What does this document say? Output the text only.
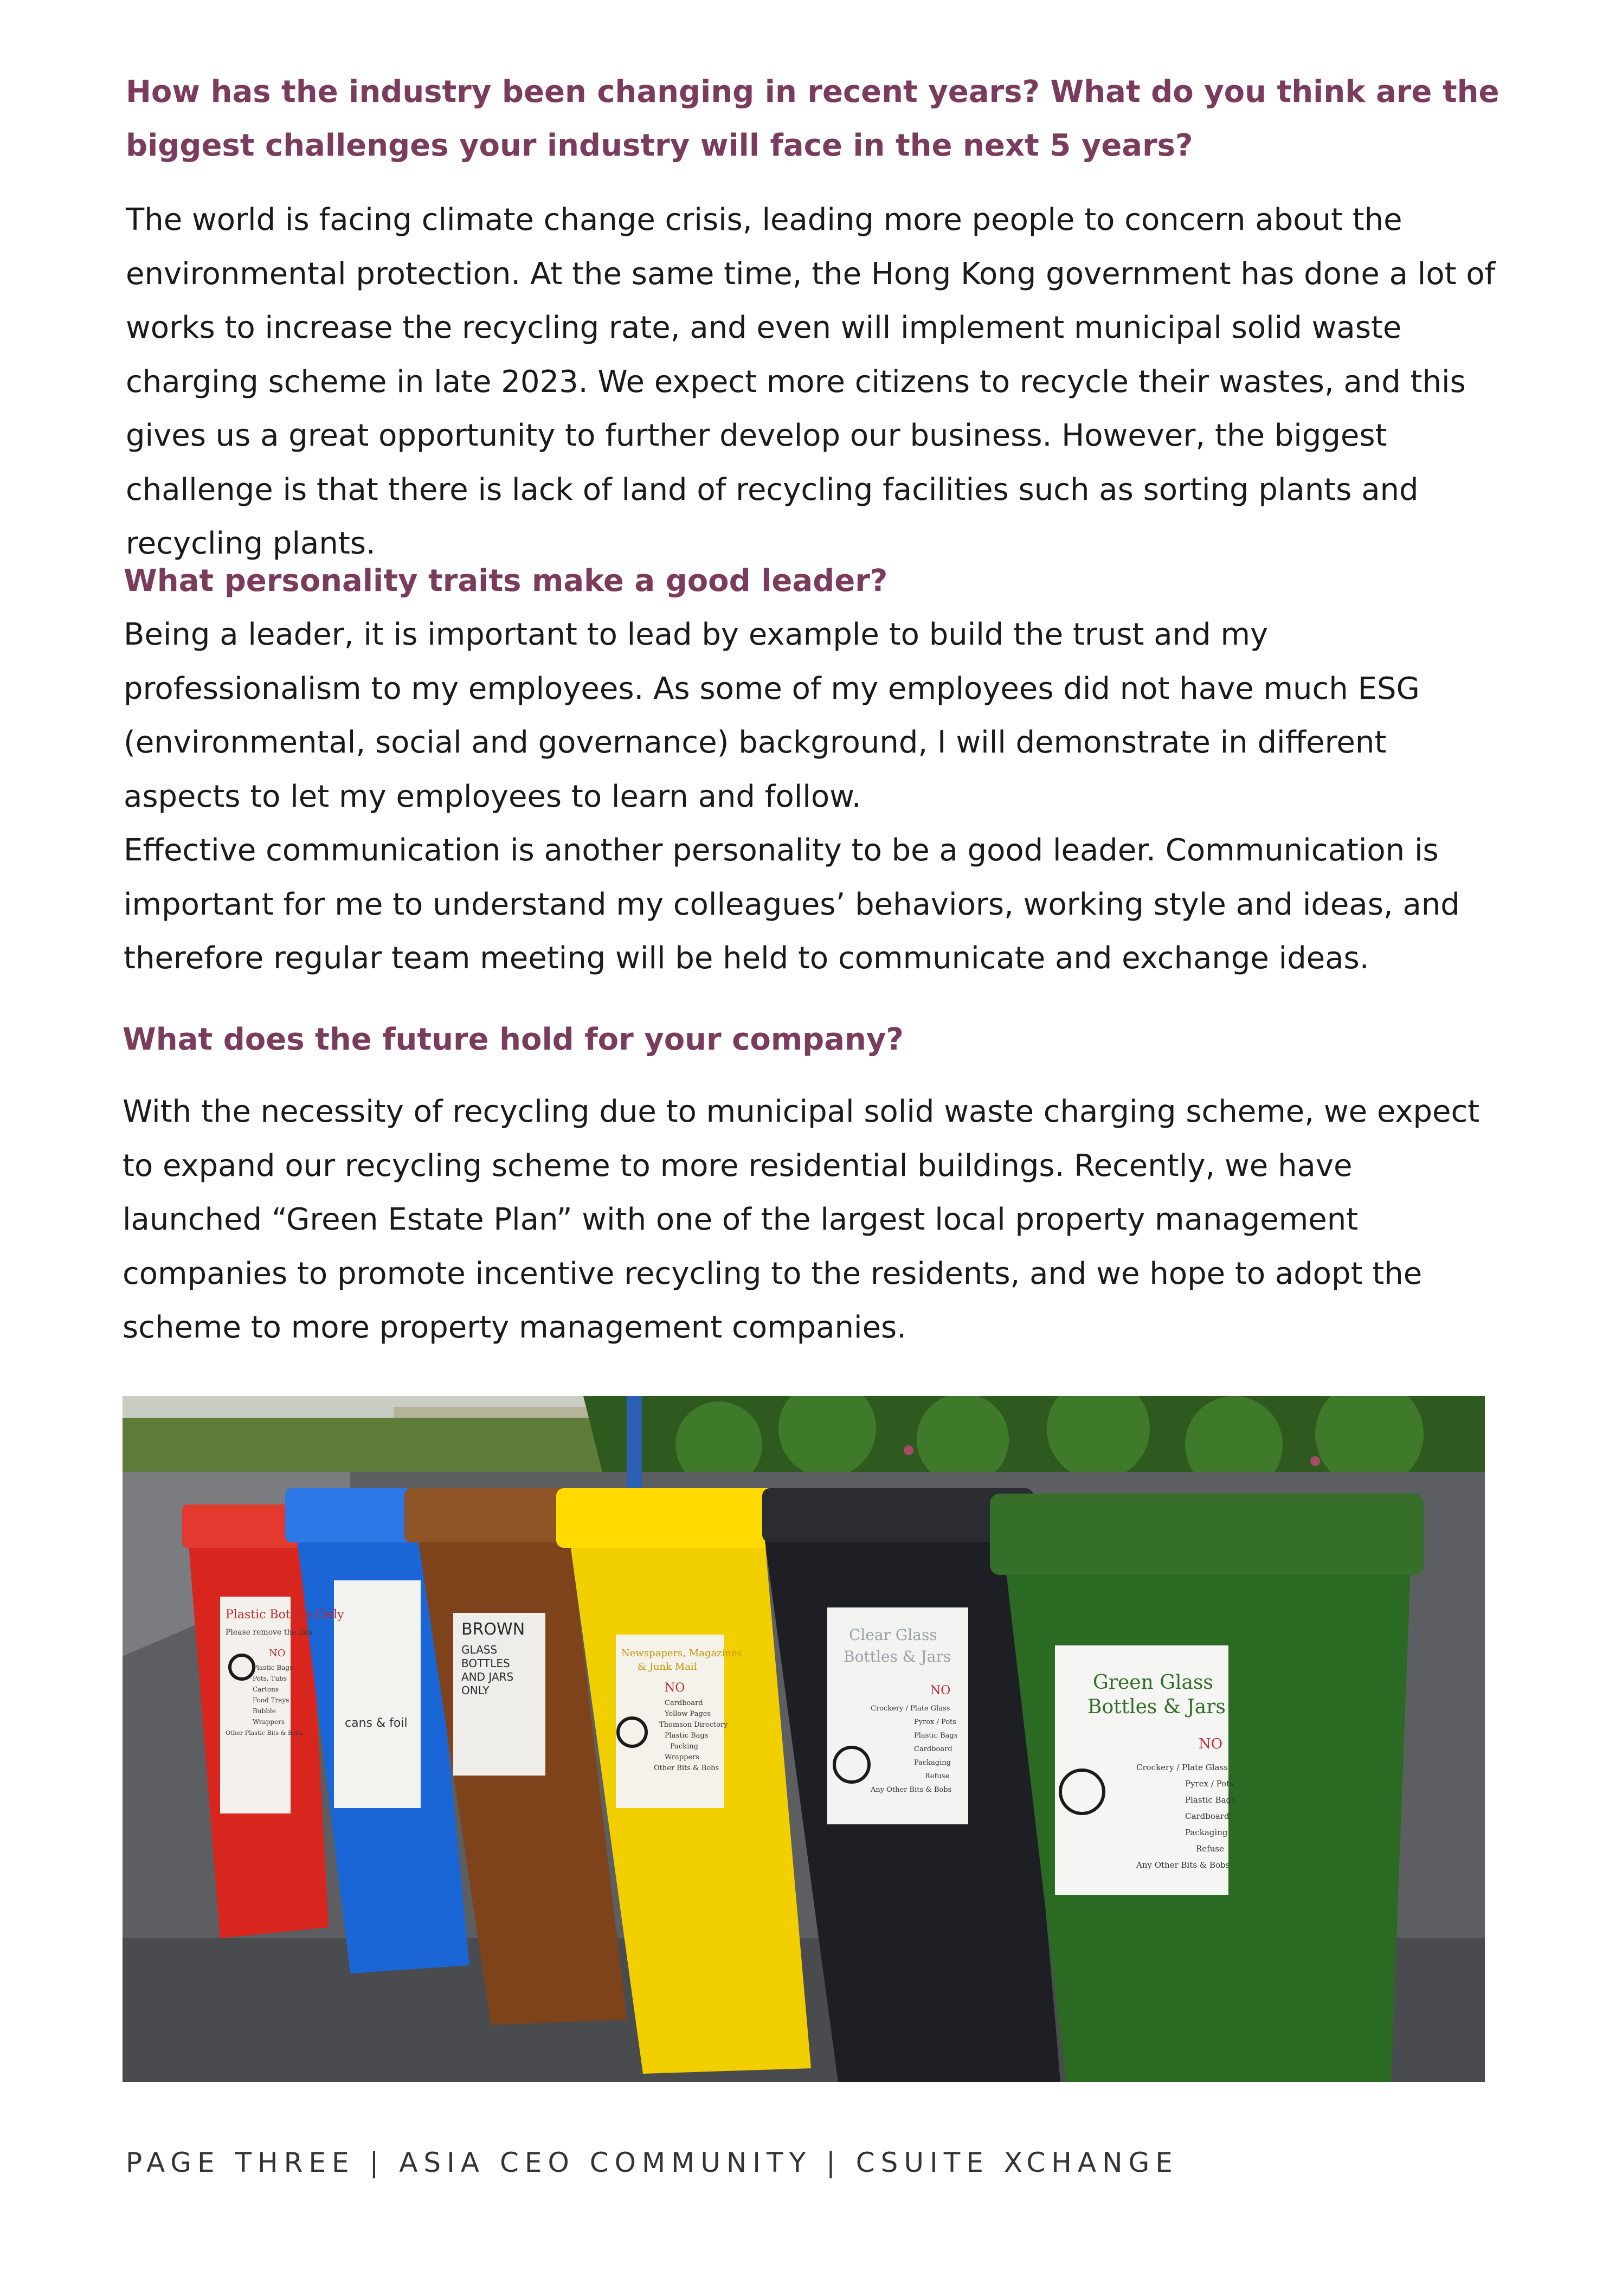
How has the industry been changing in recent years? What do you think are the biggest challenges your industry will face in the next 5 years?

The world is facing climate change crisis, leading more people to concern about the environmental protection. At the same time, the Hong Kong government has done a lot of works to increase the recycling rate, and even will implement municipal solid waste charging scheme in late 2023. We expect more citizens to recycle their wastes, and this gives us a great opportunity to further develop our business. However, the biggest challenge is that there is lack of land of recycling facilities such as sorting plants and recycling plants.

What personality traits make a good leader?

Being a leader, it is important to lead by example to build the trust and my professionalism to my employees. As some of my employees did not have much ESG (environmental, social and governance) background, I will demonstrate in different aspects to let my employees to learn and follow.

Effective communication is another personality to be a good leader. Communication is important for me to understand my colleagues’ behaviors, working style and ideas, and therefore regular team meeting will be held to communicate and exchange ideas.

What does the future hold for your company?

With the necessity of recycling due to municipal solid waste charging scheme, we expect to expand our recycling scheme to more residential buildings. Recently, we have launched “Green Estate Plan” with one of the largest local property management companies to promote incentive recycling to the residents, and we hope to adopt the scheme to more property management companies.

Plastic Bottles Only
Please remove the lids
NO
Plastic Bags
Pots, Tubs
Cartons
Food Trays
Bubble
Wrappers
Other Plastic Bits & Bobs
cans & foil
BROWN
GLASS
BOTTLES
AND JARS
ONLY
Newspapers, Magazines
& Junk Mail
NO
Cardboard
Yellow Pages
Thomson Directory
Plastic Bags
Packing
Wrappers
Other Bits & Bobs
Clear Glass
Bottles & Jars
NO
Crockery / Plate Glass
Pyrex / Pots
Plastic Bags
Cardboard
Packaging
Refuse
Any Other Bits & Bobs
Green Glass
Bottles & Jars
NO
Crockery / Plate Glass
Pyrex / Pots
Plastic Bags
Cardboard
Packaging
Refuse
Any Other Bits & Bobs
PAGE THREE | ASIA CEO COMMUNITY | CSUITE XCHANGE
